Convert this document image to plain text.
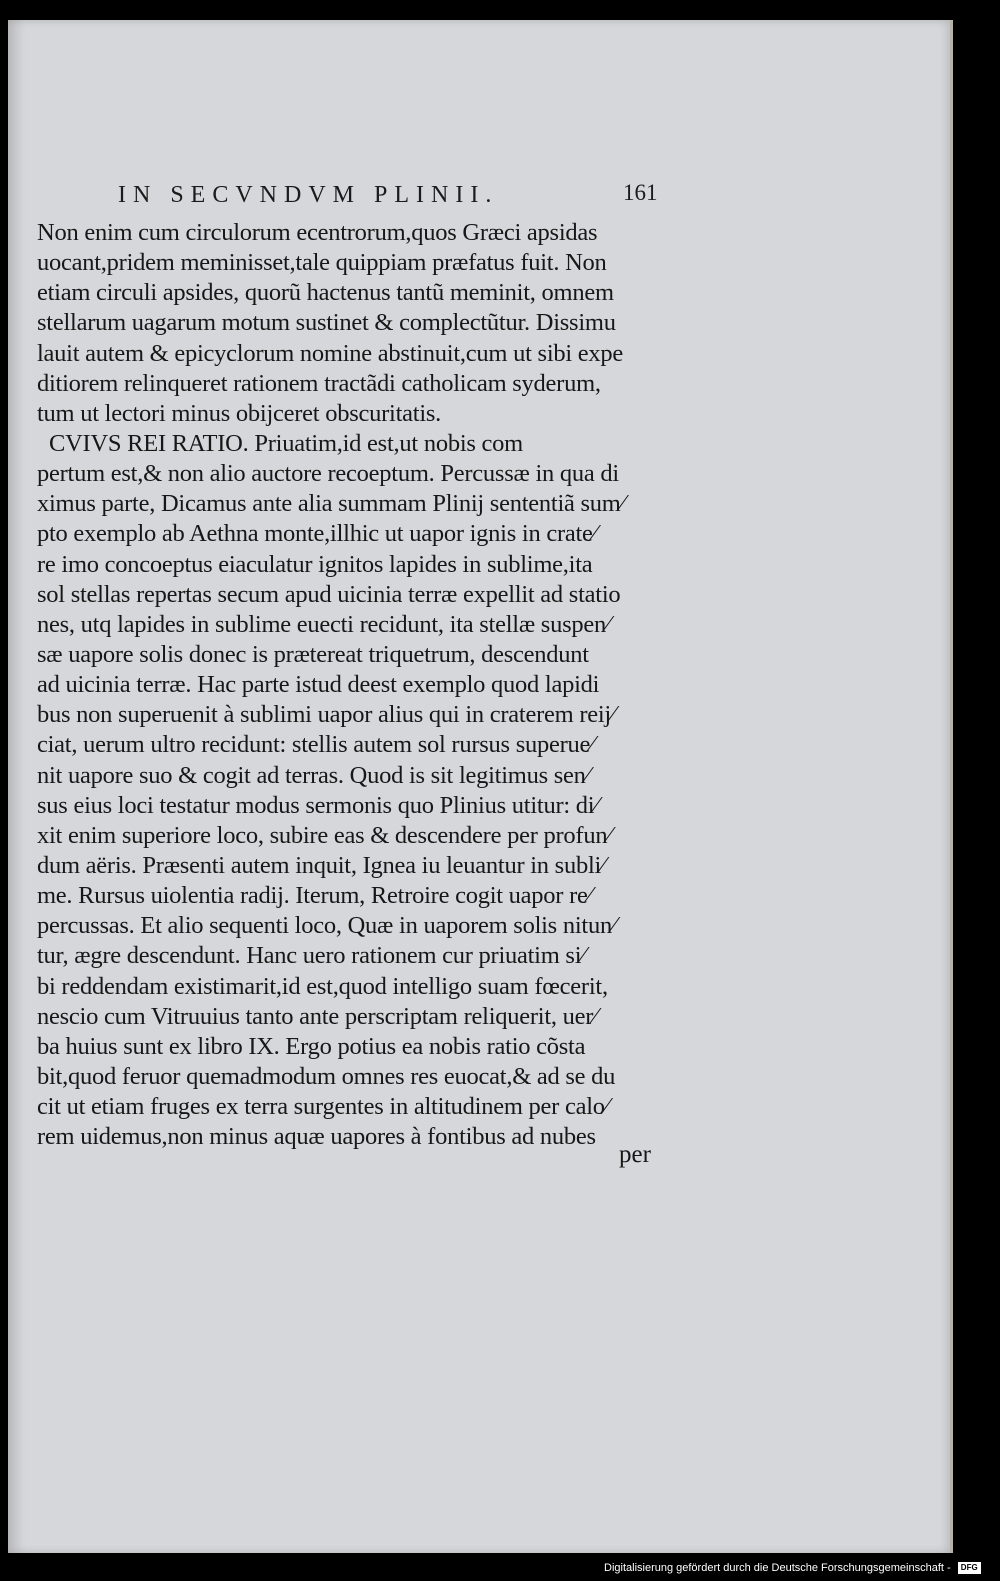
IN SECVNDVM PLINII.	161
Non enim cum circulorum ecentrorum,quos Græci apsidas
uocant,pridem meminisset,tale quippiam præfatus fuit. Non
etiam circuli apsides, quorũ hactenus tantũ meminit, omnem
stellarum uagarum motum sustinet & complectũtur. Dissimu
lauit autem & epicyclorum nomine abstinuit,cum ut sibi expe
ditiorem relinqueret rationem tractãdi catholicam syderum,
tum ut lectori minus obijceret obscuritatis.
CVIVS REI RATIO. Priuatim,id est,ut nobis com
pertum est,& non alio auctore recoeptum. Percussæ in qua di
ximus parte, Dicamus ante alia summam Plinij sententiã sum⁄
pto exemplo ab Aethna monte,illhic ut uapor ignis in crate⁄
re imo concoeptus eiaculatur ignitos lapides in sublime,ita
sol stellas repertas secum apud uicinia terræ expellit ad statio
nes, utq lapides in sublime euecti recidunt, ita stellæ suspen⁄
sæ uapore solis donec is prætereat triquetrum, descendunt
ad uicinia terræ. Hac parte istud deest exemplo quod lapidi
bus non superuenit à sublimi uapor alius qui in craterem reij⁄
ciat, uerum ultro recidunt: stellis autem sol rursus superue⁄
nit uapore suo & cogit ad terras. Quod is sit legitimus sen⁄
sus eius loci testatur modus sermonis quo Plinius utitur: di⁄
xit enim superiore loco, subire eas & descendere per profun⁄
dum aëris. Præsenti autem inquit, Ignea iu leuantur in subli⁄
me. Rursus uiolentia radij. Iterum, Retroire cogit uapor re⁄
percussas. Et alio sequenti loco, Quæ in uaporem solis nitun⁄
tur, ægre descendunt. Hanc uero rationem cur priuatim si⁄
bi reddendam existimarit,id est,quod intelligo suam fœcerit,
nescio cum Vitruuius tanto ante perscriptam reliquerit, uer⁄
ba huius sunt ex libro IX. Ergo potius ea nobis ratio cõsta
bit,quod feruor quemadmodum omnes res euocat,& ad se du
cit ut etiam fruges ex terra surgentes in altitudinem per calo⁄
rem uidemus,non minus aquæ uapores à fontibus ad nubes
per
Digitalisierung gefördert durch die Deutsche Forschungsgemeinschaft - DFG
